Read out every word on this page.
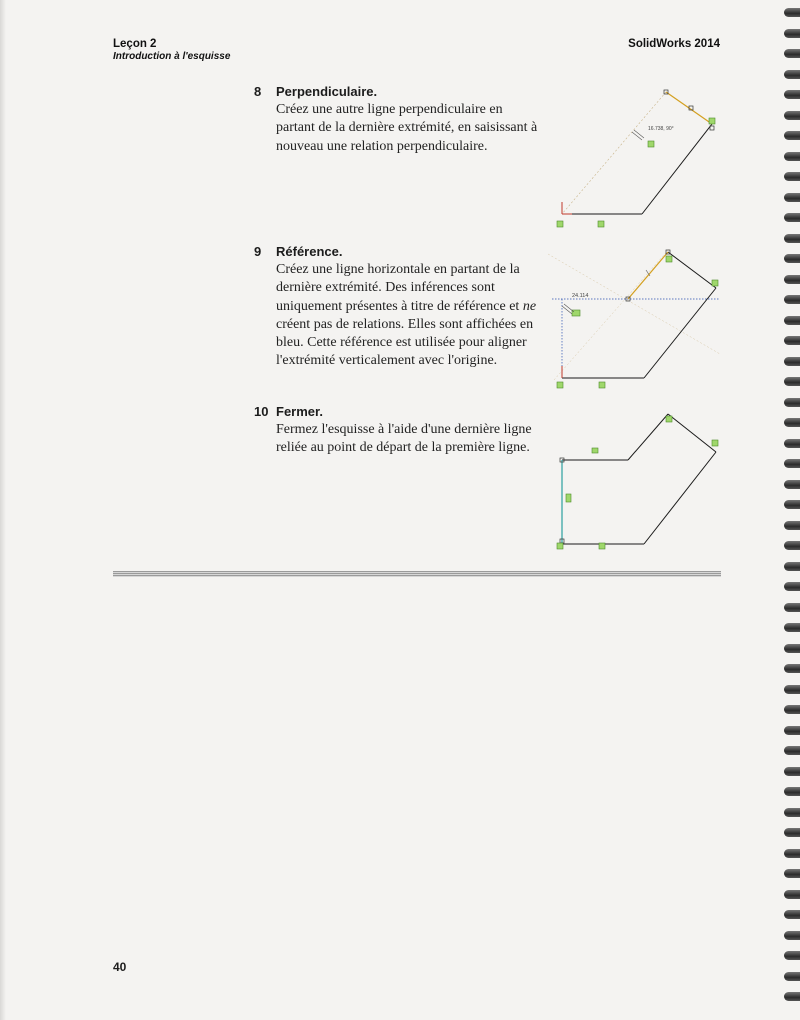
Leçon 2
Introduction à l'esquisse
SolidWorks 2014
8	Perpendiculaire.
Créez une autre ligne perpendiculaire en partant de la dernière extrémité, en saisissant à nouveau une relation perpendiculaire.
9	Référence.
Créez une ligne horizontale en partant de la dernière extrémité. Des inférences sont uniquement présentes à titre de référence et ne créent pas de relations. Elles sont affichées en bleu. Cette référence est utilisée pour aligner l'extrémité verticalement avec l'origine.
10 Fermer.
Fermez l'esquisse à l'aide d'une dernière ligne reliée au point de départ de la première ligne.
16.738, 90°
24.114
40
